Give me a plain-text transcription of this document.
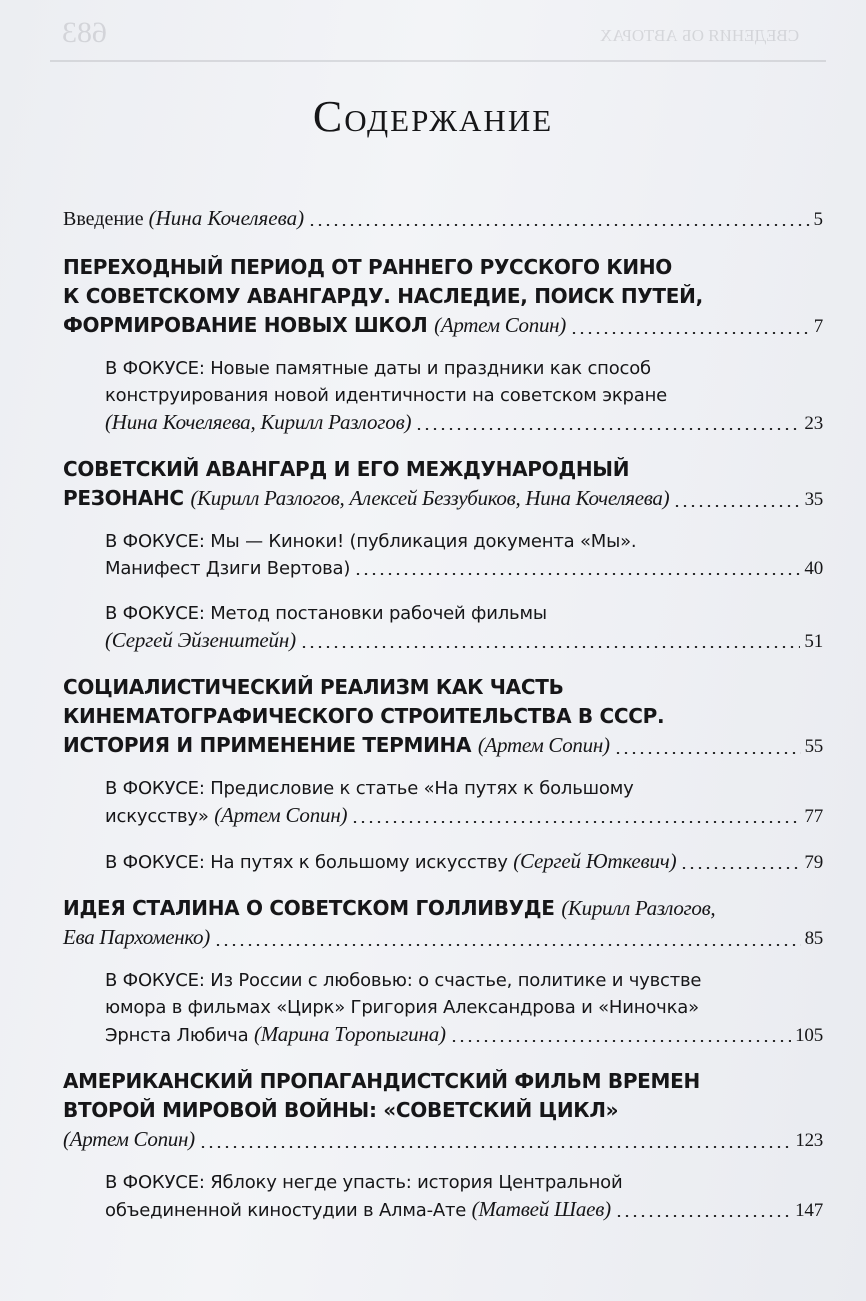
683	СВЕДЕНИЯ ОБ АВТОРАХ
Содержание
Введение (Нина Кочеляева)	5
ПЕРЕХОДНЫЙ ПЕРИОД ОТ РАННЕГО РУССКОГО КИНО
К СОВЕТСКОМУ АВАНГАРДУ. НАСЛЕДИЕ, ПОИСК ПУТЕЙ,
ФОРМИРОВАНИЕ НОВЫХ ШКОЛ (Артем Сопин)	7
В ФОКУСЕ: Новые памятные даты и праздники как способ
конструирования новой идентичности на советском экране
(Нина Кочеляева, Кирилл Разлогов)	23
СОВЕТСКИЙ АВАНГАРД И ЕГО МЕЖДУНАРОДНЫЙ
РЕЗОНАНС (Кирилл Разлогов, Алексей Беззубиков, Нина Кочеляева)	35
В ФОКУСЕ: Мы — Киноки! (публикация документа «Мы».
Манифест Дзиги Вертова)	40
В ФОКУСЕ: Метод постановки рабочей фильмы
(Сергей Эйзенштейн)	51
СОЦИАЛИСТИЧЕСКИЙ РЕАЛИЗМ КАК ЧАСТЬ
КИНЕМАТОГРАФИЧЕСКОГО СТРОИТЕЛЬСТВА В СССР.
ИСТОРИЯ И ПРИМЕНЕНИЕ ТЕРМИНА (Артем Сопин)	55
В ФОКУСЕ: Предисловие к статье «На путях к большому
искусству» (Артем Сопин)	77
В ФОКУСЕ: На путях к большому искусству (Сергей Юткевич)	79
ИДЕЯ СТАЛИНА О СОВЕТСКОМ ГОЛЛИВУДЕ (Кирилл Разлогов,
Ева Пархоменко)	85
В ФОКУСЕ: Из России с любовью: о счастье, политике и чувстве
юмора в фильмах «Цирк» Григория Александрова и «Ниночка»
Эрнста Любича (Марина Торопыгина)	105
АМЕРИКАНСКИЙ ПРОПАГАНДИСТСКИЙ ФИЛЬМ ВРЕМЕН
ВТОРОЙ МИРОВОЙ ВОЙНЫ: «СОВЕТСКИЙ ЦИКЛ»
(Артем Сопин)	123
В ФОКУСЕ: Яблоку негде упасть: история Центральной
объединенной киностудии в Алма-Ате (Матвей Шаев)	147
